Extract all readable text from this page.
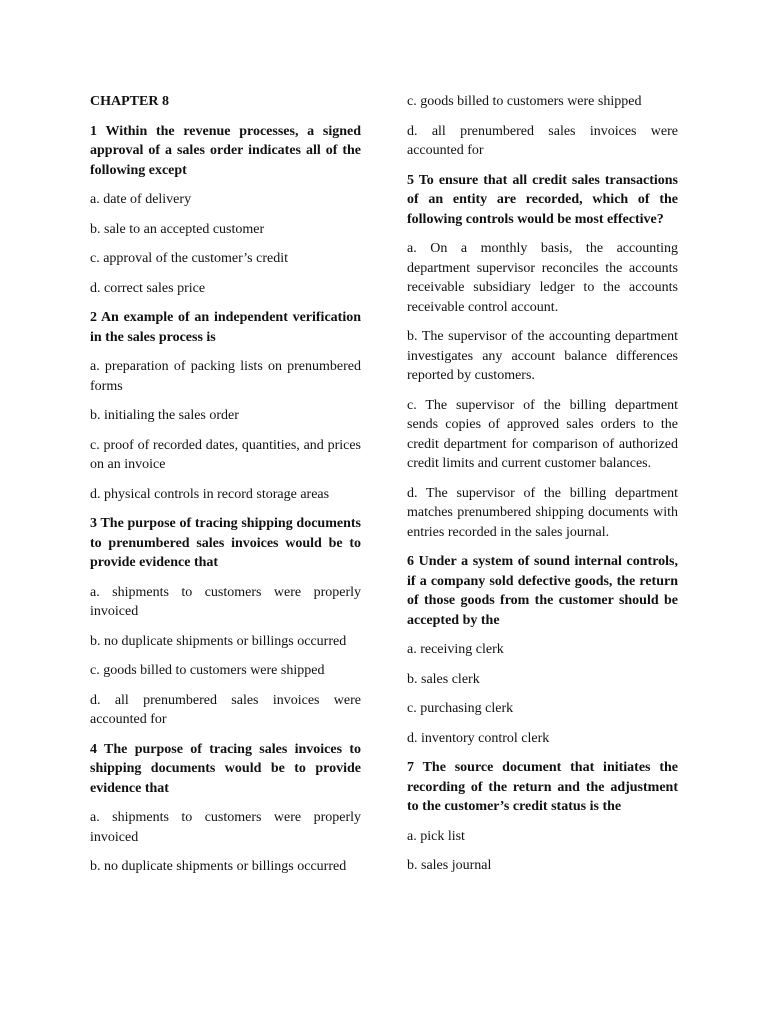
CHAPTER 8

1 Within the revenue processes, a signed approval of a sales order indicates all of the following except

a. date of delivery

b. sale to an accepted customer

c. approval of the customer’s credit

d. correct sales price

2 An example of an independent verification in the sales process is

a. preparation of packing lists on prenumbered forms

b. initialing the sales order

c. proof of recorded dates, quantities, and prices on an invoice

d. physical controls in record storage areas

3 The purpose of tracing shipping documents to prenumbered sales invoices would be to provide evidence that

a. shipments to customers were properly invoiced

b. no duplicate shipments or billings occurred

c. goods billed to customers were shipped

d. all prenumbered sales invoices were accounted for

4 The purpose of tracing sales invoices to shipping documents would be to provide evidence that

a. shipments to customers were properly invoiced

b. no duplicate shipments or billings occurred

c. goods billed to customers were shipped

d. all prenumbered sales invoices were accounted for

5 To ensure that all credit sales transactions of an entity are recorded, which of the following controls would be most effective?

a. On a monthly basis, the accounting department supervisor reconciles the accounts receivable subsidiary ledger to the accounts receivable control account.

b. The supervisor of the accounting department investigates any account balance differences reported by customers.

c. The supervisor of the billing department sends copies of approved sales orders to the credit department for comparison of authorized credit limits and current customer balances.

d. The supervisor of the billing department matches prenumbered shipping documents with entries recorded in the sales journal.

6 Under a system of sound internal controls, if a company sold defective goods, the return of those goods from the customer should be accepted by the

a. receiving clerk

b. sales clerk

c. purchasing clerk

d. inventory control clerk

7 The source document that initiates the recording of the return and the adjustment to the customer’s credit status is the

a. pick list

b. sales journal
